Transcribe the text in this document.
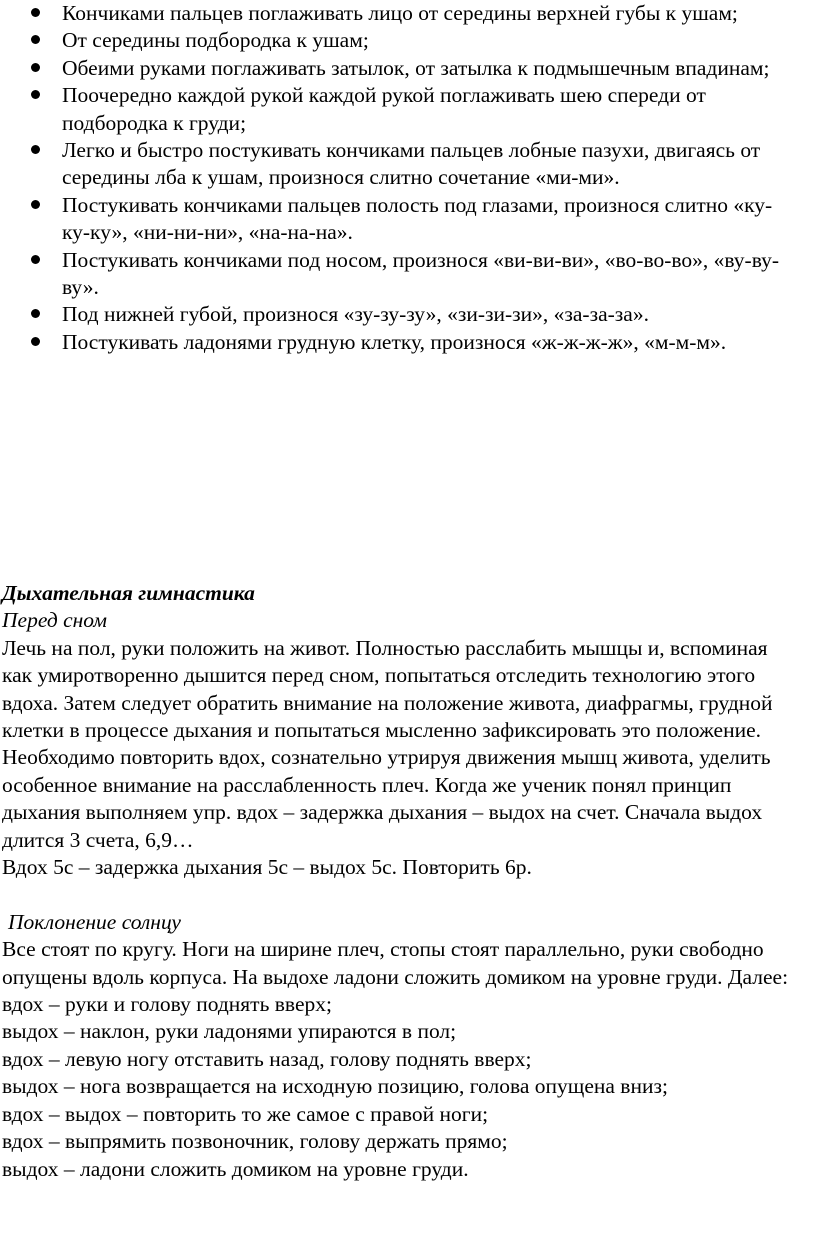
Кончиками пальцев поглаживать лицо от середины верхней губы к ушам;
От середины подбородка к ушам;
Обеими руками поглаживать затылок, от затылка к подмышечным впадинам;
Поочередно каждой рукой каждой рукой поглаживать шею спереди от подбородка к груди;
Легко и быстро постукивать кончиками пальцев лобные пазухи, двигаясь от середины лба к ушам, произнося слитно сочетание «ми-ми».
Постукивать кончиками пальцев полость под глазами, произнося слитно «ку-ку-ку», «ни-ни-ни», «на-на-на».
Постукивать кончиками под носом, произнося «ви-ви-ви», «во-во-во», «ву-ву-ву».
Под нижней губой, произнося «зу-зу-зу», «зи-зи-зи», «за-за-за».
Постукивать ладонями грудную клетку, произнося «ж-ж-ж-ж», «м-м-м».
Дыхательная гимнастика
Перед сном

Лечь на пол, руки положить на живот. Полностью расслабить мышцы и, вспоминая как умиротворенно дышится перед сном, попытаться отследить технологию этого вдоха. Затем следует обратить внимание на положение живота, диафрагмы, грудной клетки в процессе дыхания и попытаться мысленно зафиксировать это положение. Необходимо повторить вдох, сознательно утрируя движения мышц живота, уделить особенное внимание на расслабленность плеч. Когда же ученик понял принцип дыхания выполняем упр. вдох – задержка дыхания – выдох на счет. Сначала выдох длится 3 счета, 6,9…

Вдох 5с – задержка дыхания 5с – выдох 5с. Повторить 6р.

Поклонение солнцу

Все стоят по кругу. Ноги на ширине плеч, стопы стоят параллельно, руки свободно опущены вдоль корпуса. На выдохе ладони сложить домиком на уровне груди. Далее:

вдох – руки и голову поднять вверх;
выдох – наклон, руки ладонями упираются в пол;
вдох – левую ногу отставить назад, голову поднять вверх;
выдох – нога возвращается на исходную позицию, голова опущена вниз;
вдох – выдох – повторить то же самое с правой ноги;
вдох – выпрямить позвоночник, голову держать прямо;
выдох – ладони сложить домиком на уровне груди.
